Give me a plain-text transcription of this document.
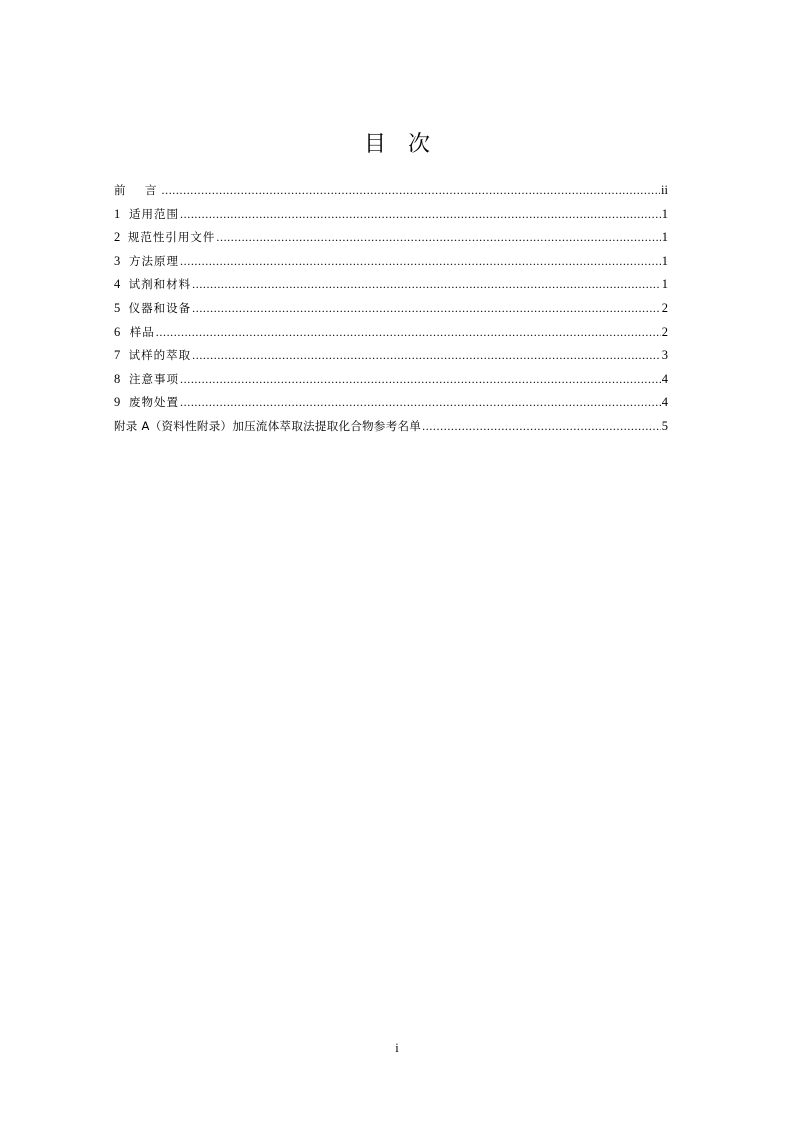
目　次
前　言 .....	ii
1 适用范围 .....	1
2 规范性引用文件 .....	1
3 方法原理 .....	1
4 试剂和材料 .....	1
5 仪器和设备 .....	2
6 样品 .....	2
7 试样的萃取 .....	3
8 注意事项 .....	4
9 废物处置 .....	4
附录 A（资料性附录）加压流体萃取法提取化合物参考名单 .....	5
i
